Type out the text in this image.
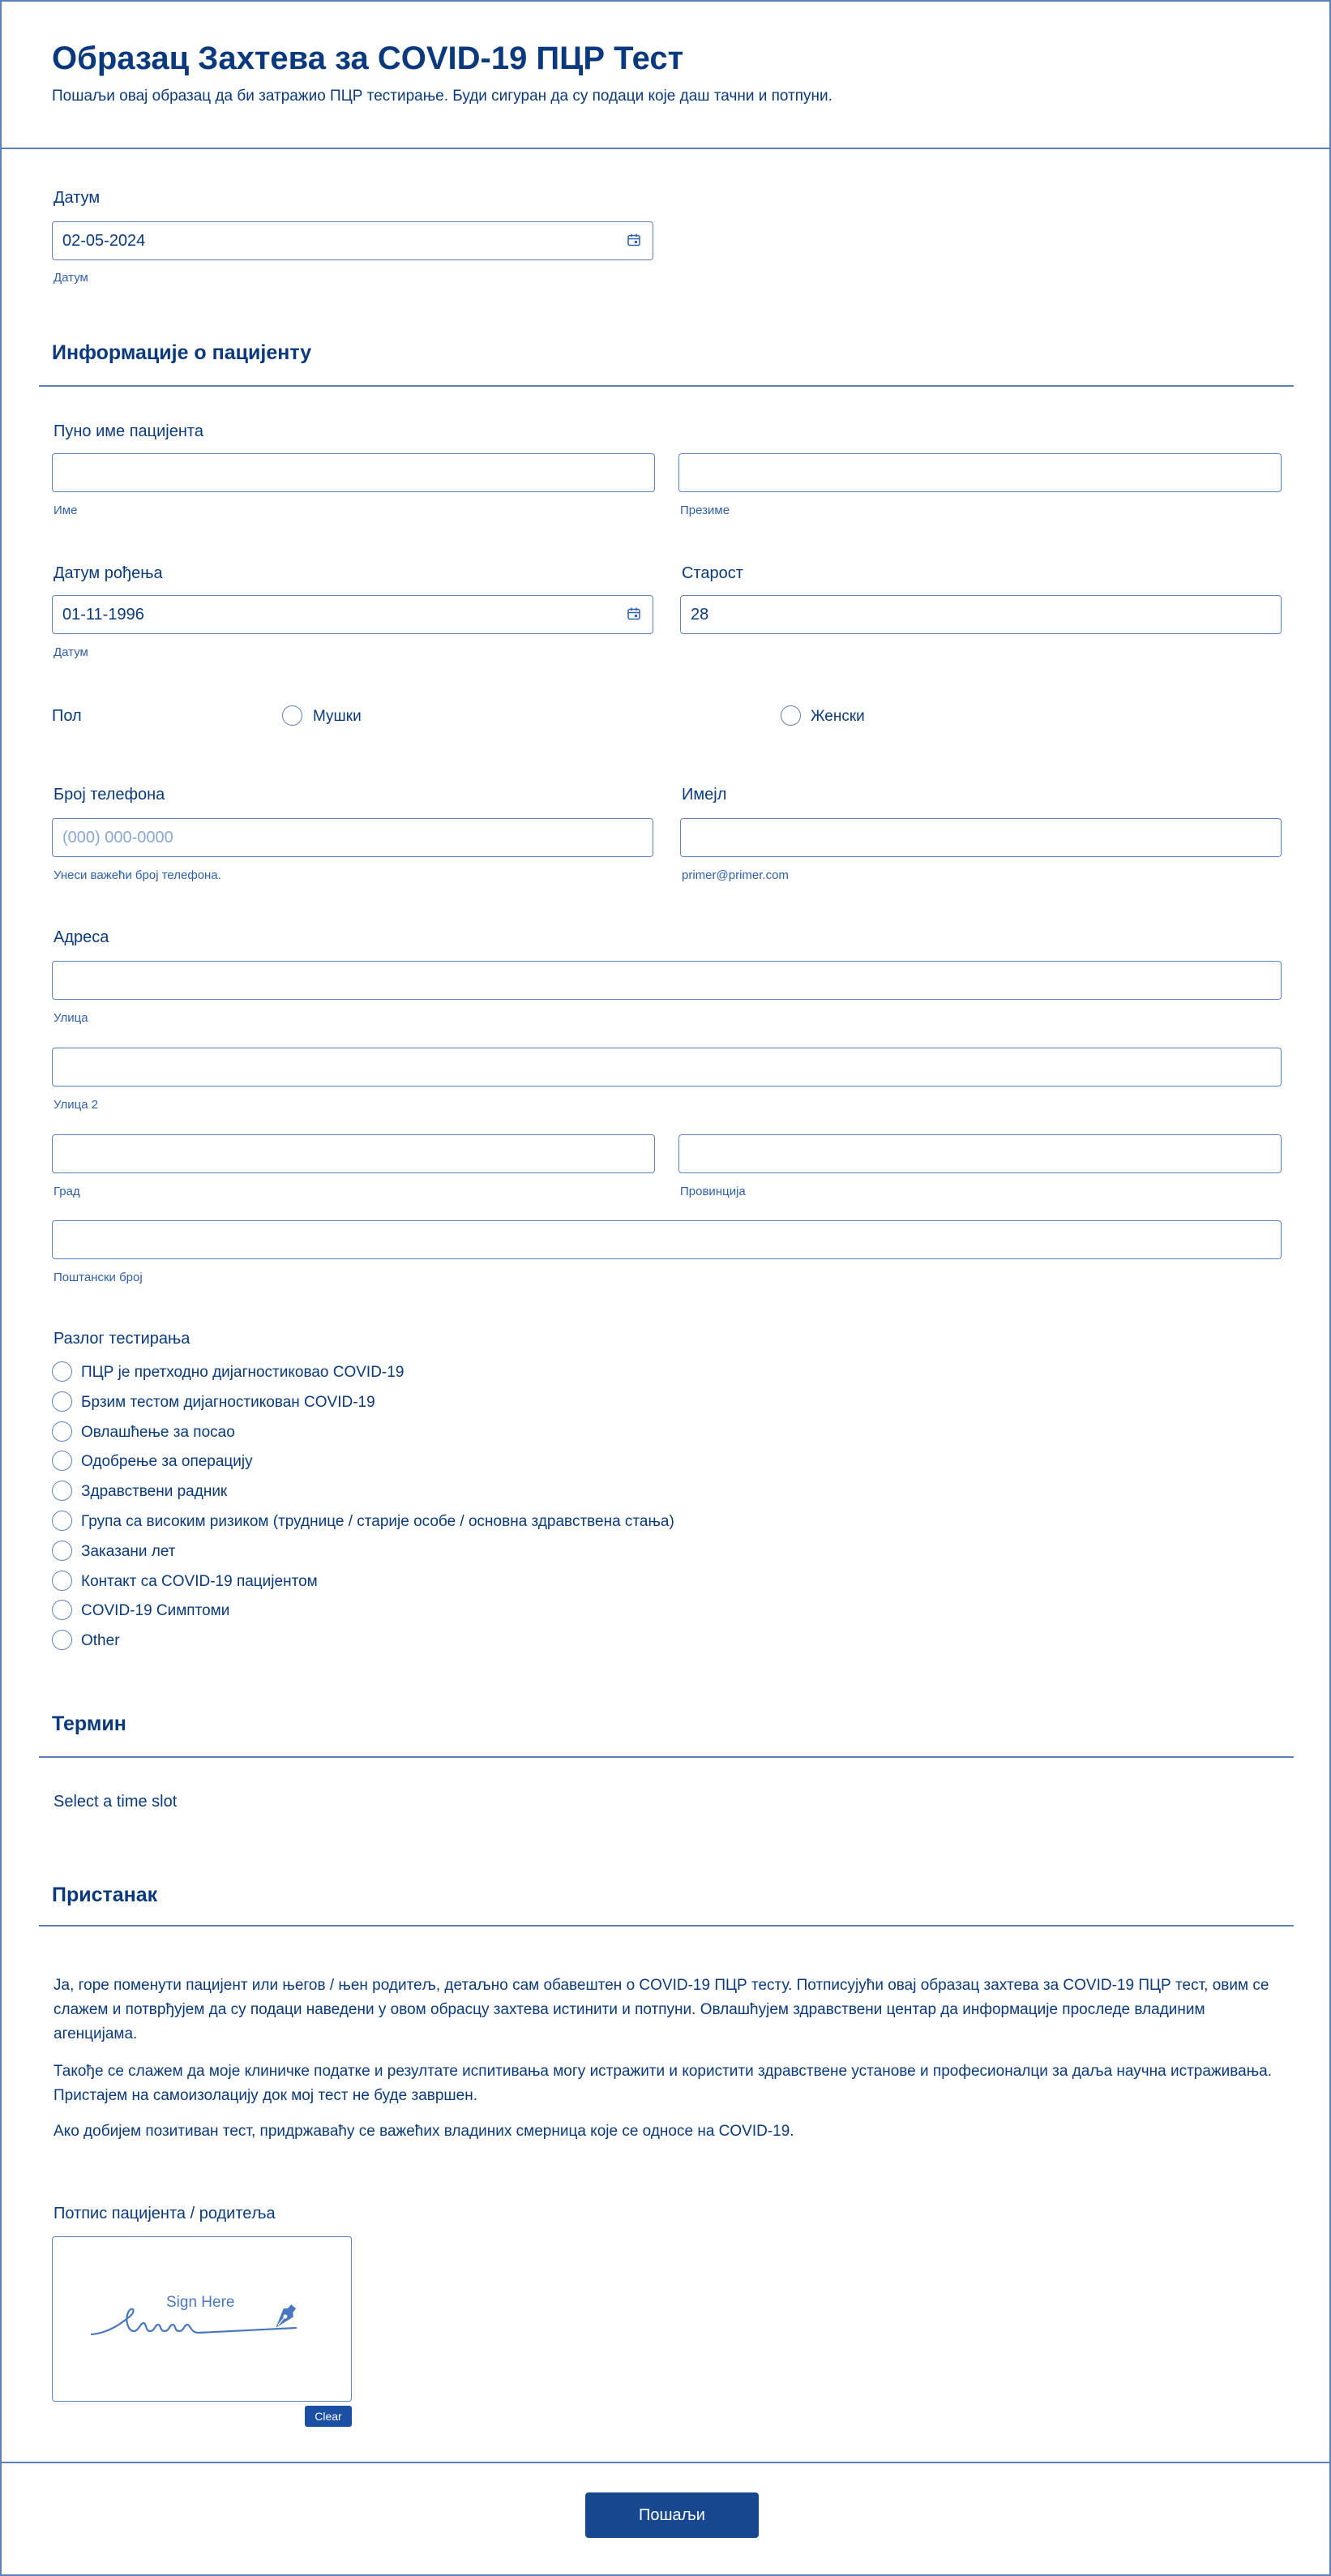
Образац Захтева за COVID-19 ПЦР Тест
Пошаљи овај образац да би затражио ПЦР тестирање. Буди сигуран да су подаци које даш тачни и потпуни.
Датум
02-05-2024
Датум
Информације о пацијенту
Пуно име пацијента
Име	Презиме
Датум рођења
01-11-1996
Датум
Старост
28
Пол	Мушки	Женски
Број телефона
(000) 000-0000
Унеси важећи број телефона.
Имејл
primer@primer.com
Адреса
Улица
Улица 2
Град	Провинција
Поштански број
Разлог тестирања
ПЦР је претходно дијагностиковао COVID-19
Брзим тестом дијагностикован COVID-19
Овлашћење за посао
Одобрење за операцију
Здравствени радник
Група са високим ризиком (труднице / старије особе / основна здравствена стања)
Заказани лет
Контакт са COVID-19 пацијентом
COVID-19 Симптоми
Other
Термин
Select a time slot
Пристанак
Ја, горе поменути пацијент или његов / њен родитељ, детаљно сам обавештен о COVID-19 ПЦР тесту. Потписујући овај образац захтева за COVID-19 ПЦР тест, овим се слажем и потврђујем да су подаци наведени у овом обрасцу захтева истинити и потпуни. Овлашћујем здравствени центар да информације проследе владиним агенцијама.
Такође се слажем да моје клиничке податке и резултате испитивања могу истражити и користити здравствене установе и професионалци за даља научна истраживања. Пристајем на самоизолацију док мој тест не буде завршен.
Ако добијем позитиван тест, придржаваћу се важећих владиних смерница које се односе на COVID-19.
Потпис пацијента / родитеља
Sign Here
Clear
Пошаљи
